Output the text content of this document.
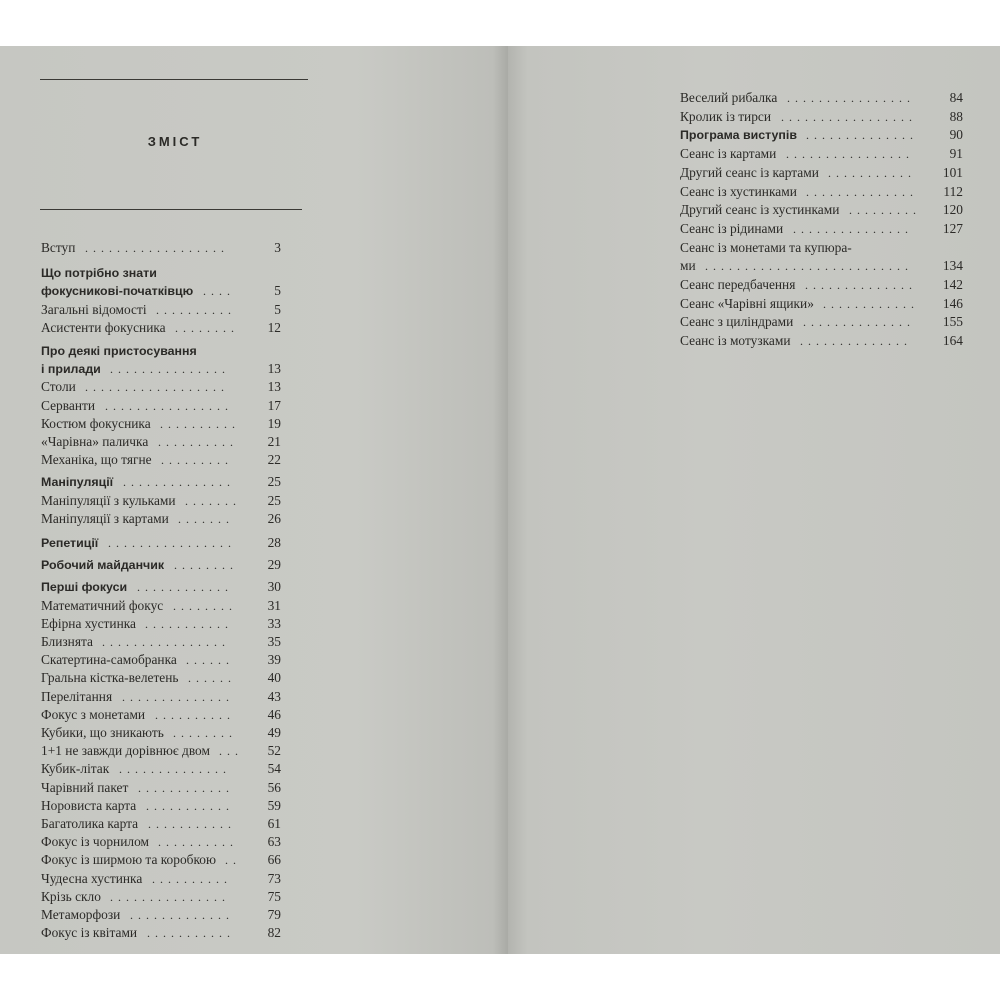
ЗМІСТ
Вступ	3
..................
Що потрібно знати
фокусникові-початківцю	5
....
Загальні відомості	5
..........
Асистенти фокусника	12
........
Про деякі пристосування
і прилади	13
...............
Столи	13
..................
Серванти	17
................
Костюм фокусника	19
..........
«Чарівна» паличка	21
..........
Механіка, що тягне	22
.........
Маніпуляції	25
..............
Маніпуляції з кульками	25
.......
Маніпуляції з картами	26
.......
Репетиції	28
................
Робочий майданчик	29
........
Перші фокуси	30
............
Математичний фокус	31
........
Ефірна хустинка	33
...........
Близнята	35
................
Скатертина-самобранка	39
......
Гральна кістка-велетень	40
......
Перелітання	43
..............
Фокус з монетами	46
..........
Кубики, що зникають	49
........
1+1 не завжди дорівнює двом	52
...
Кубик-літак	54
..............
Чарівний пакет	56
............
Норовиста карта	59
...........
Багатолика карта	61
...........
Фокус із чорнилом	63
..........
Фокус із ширмою та коробкою	66
..
Чудесна хустинка	73
..........
Крізь скло	75
...............
Метаморфози	79
.............
Фокус із квітами	82
...........
Веселий рибалка	84
................
Кролик із тирси	88
.................
Програма виступів	90
..............
Сеанс із картами	91
................
Другий сеанс із картами	101
...........
Сеанс із хустинками	112
..............
Другий сеанс із хустинками	120
.........
Сеанс із рідинами	127
...............
Сеанс із монетами та купюра-
ми	134
..........................
Сеанс передбачення	142
..............
Сеанс «Чарівні ящики»	146
............
Сеанс з циліндрами	155
..............
Сеанс із мотузками	164
..............
